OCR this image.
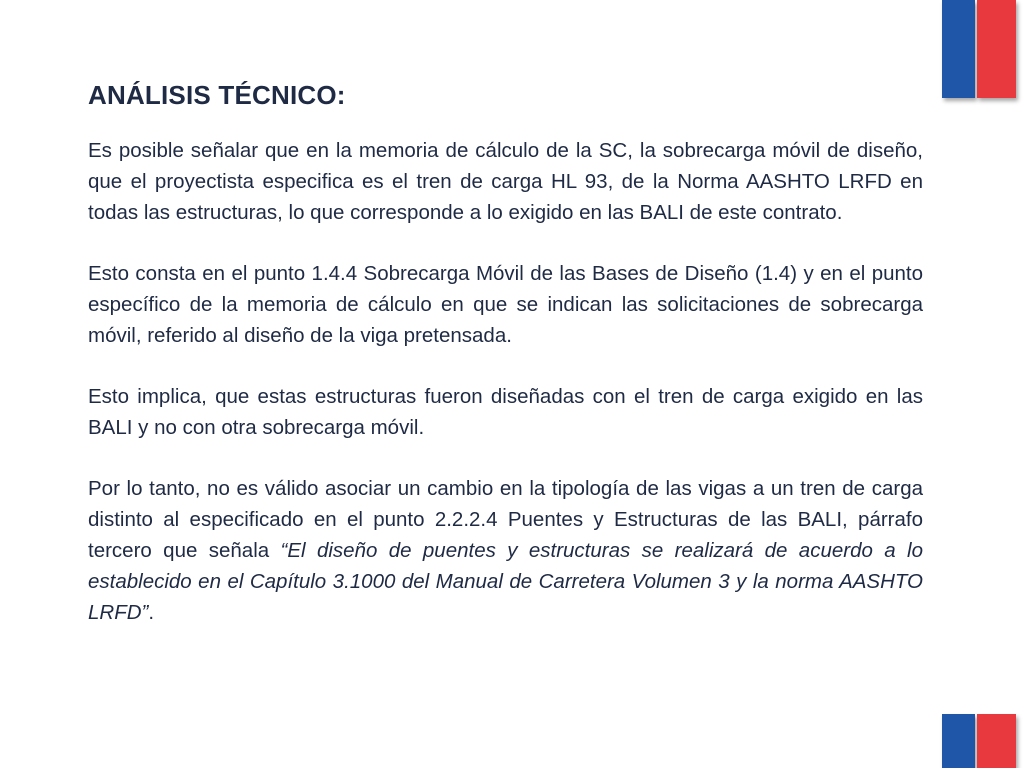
ANÁLISIS TÉCNICO:

Es posible señalar que en la memoria de cálculo de la SC, la sobrecarga móvil de diseño, que el proyectista especifica es el tren de carga HL 93, de la Norma AASHTO LRFD en todas las estructuras, lo que corresponde a lo exigido en las BALI de este contrato.

Esto consta en el punto 1.4.4 Sobrecarga Móvil de las Bases de Diseño (1.4) y en el punto específico de la memoria de cálculo en que se indican las solicitaciones de sobrecarga móvil, referido al diseño de la viga pretensada.

Esto implica, que estas estructuras fueron diseñadas con el tren de carga exigido en las BALI y no con otra sobrecarga móvil.

Por lo tanto, no es válido asociar un cambio en la tipología de las vigas a un tren de carga distinto al especificado en el punto 2.2.2.4 Puentes y Estructuras de las BALI, párrafo tercero que señala “El diseño de puentes y estructuras se realizará de acuerdo a lo establecido en el Capítulo 3.1000 del Manual de Carretera Volumen 3 y la norma AASHTO LRFD”.
